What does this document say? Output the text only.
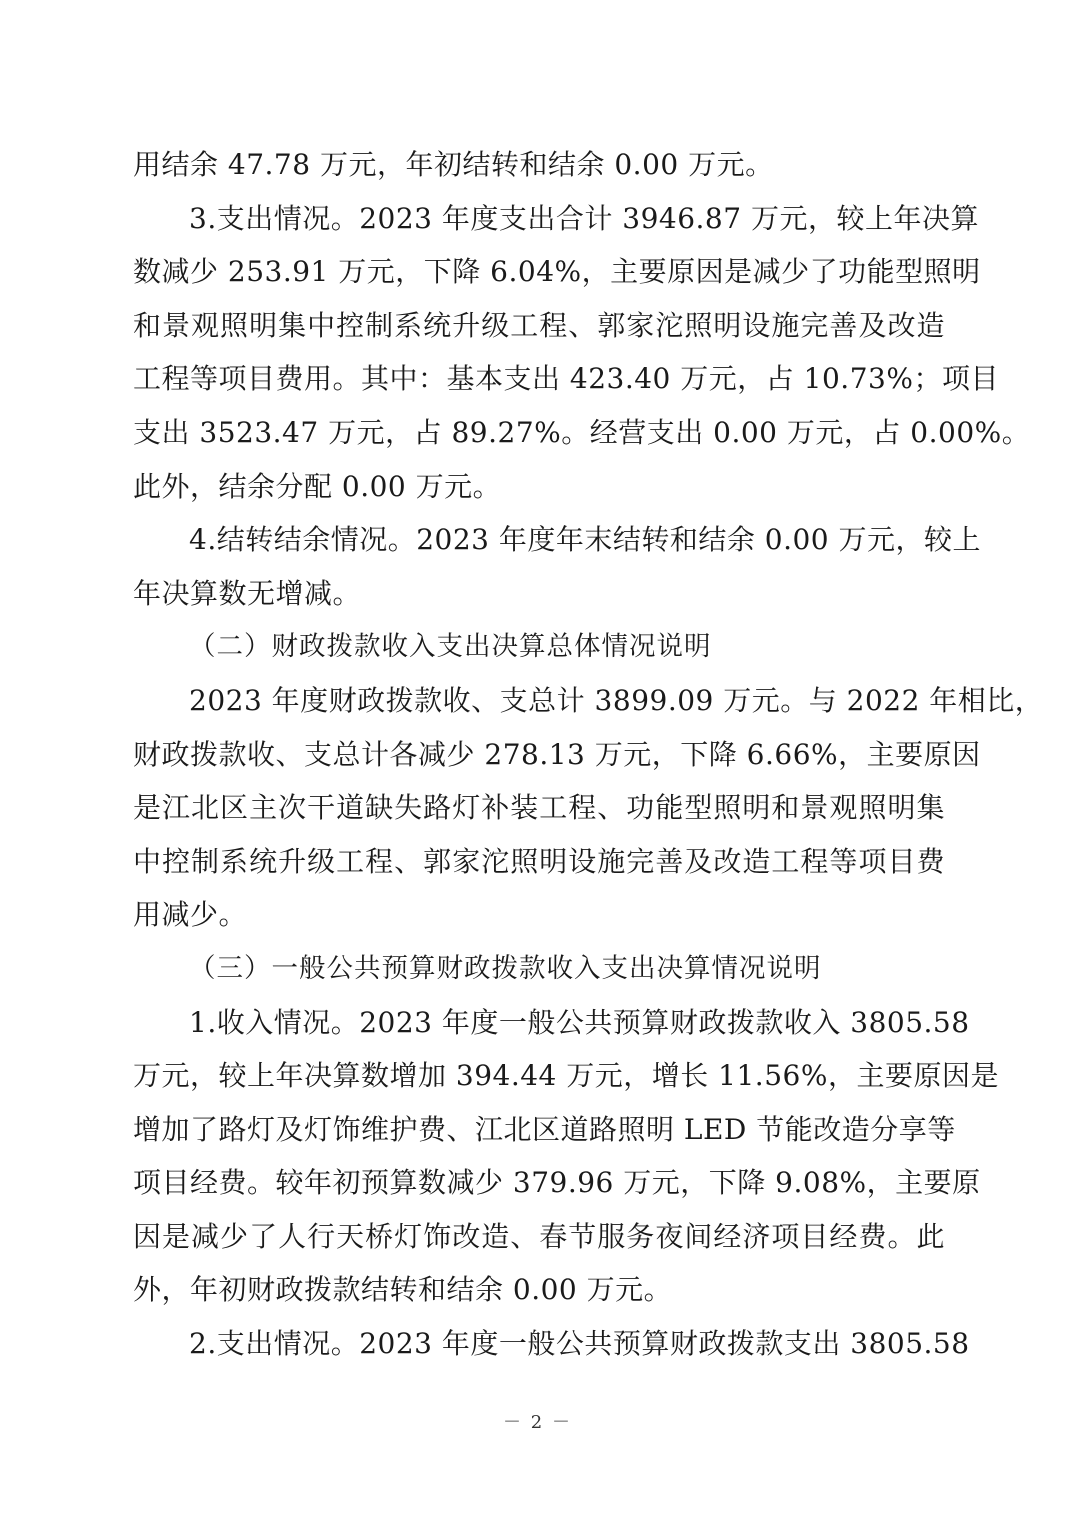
用结余 47.78 万元，年初结转和结余 0.00 万元。
3.支出情况。2023 年度支出合计 3946.87 万元，较上年决算
数减少 253.91 万元，下降 6.04%，主要原因是减少了功能型照明
和景观照明集中控制系统升级工程、郭家沱照明设施完善及改造
工程等项目费用。其中：基本支出 423.40 万元，占 10.73%；项目
支出 3523.47 万元，占 89.27%。经营支出 0.00 万元，占 0.00%。
此外，结余分配 0.00 万元。
4.结转结余情况。2023 年度年末结转和结余 0.00 万元，较上
年决算数无增减。
（二）财政拨款收入支出决算总体情况说明
2023 年度财政拨款收、支总计 3899.09 万元。与 2022 年相比，
财政拨款收、支总计各减少 278.13 万元，下降 6.66%，主要原因
是江北区主次干道缺失路灯补装工程、功能型照明和景观照明集
中控制系统升级工程、郭家沱照明设施完善及改造工程等项目费
用减少。
（三）一般公共预算财政拨款收入支出决算情况说明
1.收入情况。2023 年度一般公共预算财政拨款收入 3805.58
万元，较上年决算数增加 394.44 万元，增长 11.56%，主要原因是
增加了路灯及灯饰维护费、江北区道路照明 LED 节能改造分享等
项目经费。较年初预算数减少 379.96 万元，下降 9.08%，主要原
因是减少了人行天桥灯饰改造、春节服务夜间经济项目经费。此
外，年初财政拨款结转和结余 0.00 万元。
2.支出情况。2023 年度一般公共预算财政拨款支出 3805.58
－ 2 －
